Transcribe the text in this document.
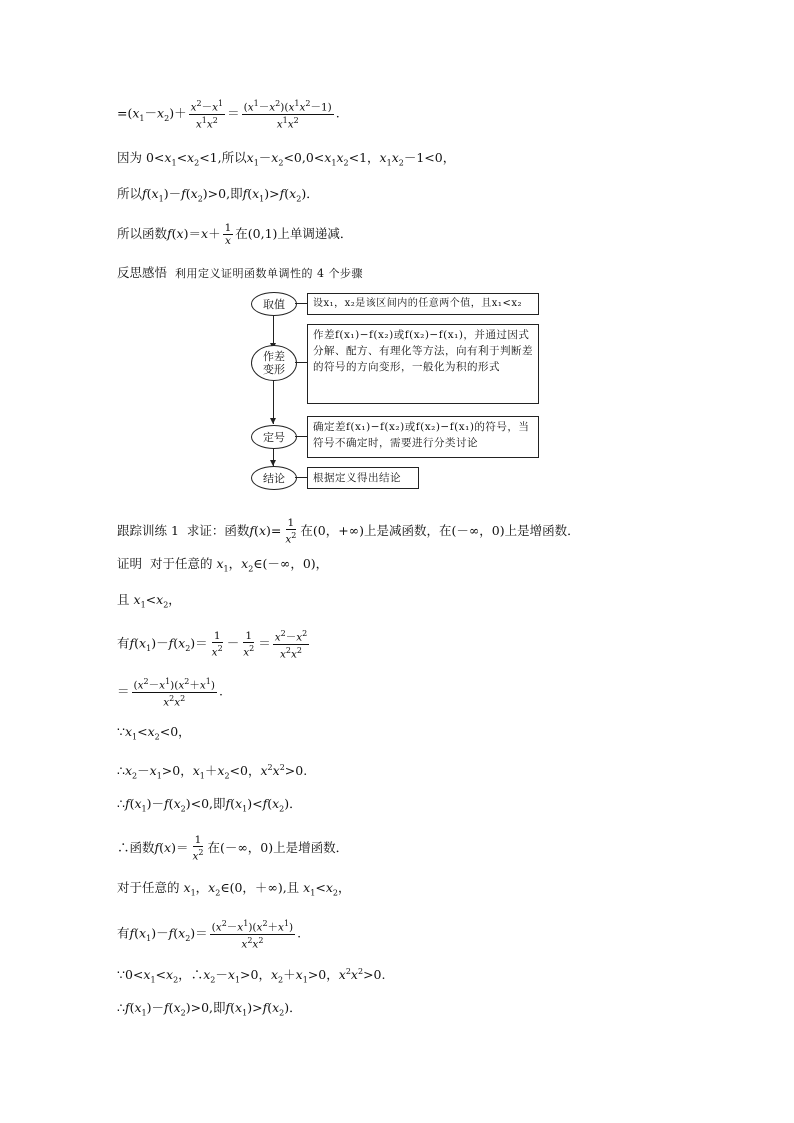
$=(x_1-x_2)+ \frac{x^2-x^1}{x^1x^2} = \frac{(x^1-x^2)(x^1x^2-1)}{x^1x^2}$ .
因为 $0<x_1<x_2<1$,所以$x_1-x_2<0,0<x_1x_2<1$，$x_1x_2-1<0$，
所以$f(x_1)-f(x_2)>0$,即$f(x_1)>f(x_2)$．
所以函数$f(x)=x+ \frac{1}{x}$ 在(0,1)上单调递减．
反思感悟 利用定义证明函数单调性的 4 个步骤
取值
作差
变形
定号
结论
设x₁，x₂是该区间内的任意两个值，且x₁<x₂
作差f(x₁)−f(x₂)或f(x₂)−f(x₁)，并通过因式分解、配方、有理化等方法，向有利于判断差的符号的方向变形，一般化为积的形式
确定差f(x₁)−f(x₂)或f(x₂)−f(x₁)的符号，当符号不确定时，需要进行分类讨论
根据定义得出结论
跟踪训练 1 求证：函数$f(x)= \frac{1}{x^2}$ 在(0，+∞)上是减函数，在(－∞，0)上是增函数．
证明 对于任意的 $x_1$，$x_2\in(-\infty$，0)，
且 $x_1<x_2$，
有$f(x_1)-f(x_2)= \frac{1}{x^2} - \frac{1}{x^2} = \frac{x^2-x^2}{x^2x^2}$
＝ $\frac{(x^2-x^1)(x^2+x^1)}{x^2x^2}$ .
$\because x_1<x_2<0$，
$\therefore x_2-x_1>0$，$x_1+x_2<0$，$x^2x^2>0$.
$\therefore f(x_1)-f(x_2)<0$,即$f(x_1)<f(x_2)$．
∴函数$f(x)= \frac{1}{x^2}$ 在(－∞，0)上是增函数．
对于任意的 $x_1$，$x_2\in(0$，＋∞),且 $x_1<x_2$，
有$f(x_1)-f(x_2)= \frac{(x^2-x^1)(x^2+x^1)}{x^2x^2}$ .
$\because 0<x_1<x_2$，$\therefore x_2-x_1>0$，$x_2+x_1>0$，$x^2x^2>0$.
$\therefore f(x_1)-f(x_2)>0$,即$f(x_1)>f(x_2)$．
